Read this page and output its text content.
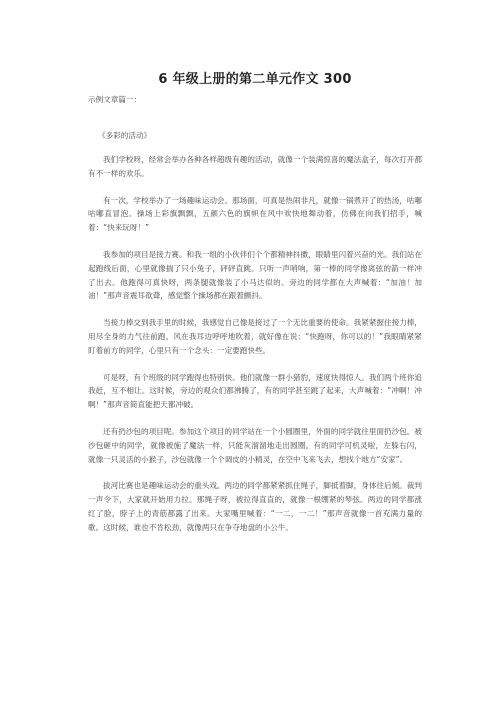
6 年级上册的第二单元作文 300
示例文章篇一：
《多彩的活动》

我们学校呀，经常会举办各种各样超级有趣的活动，就像一个装满惊喜的魔法盒子，每次打开都有不一样的欢乐。

有一次，学校举办了一场趣味运动会。那场面，可真是热闹非凡，就像一锅煮开了的热汤，咕嘟咕嘟直冒泡。操场上彩旗飘飘，五颜六色的旗帜在风中欢快地舞动着，仿佛在向我们招手，喊着：“快来玩呀！”

我参加的项目是接力赛。和我一组的小伙伴们个个都精神抖擞，眼睛里闪着兴奋的光。我们站在起跑线后面，心里就像揣了只小兔子，砰砰直跳。只听一声哨响，第一棒的同学像离弦的箭一样冲了出去。他跑得可真快呀，两条腿就像装了小马达似的。旁边的同学都在大声喊着：“加油！加油！”那声音震耳欲聋，感觉整个操场都在跟着颤抖。

当接力棒交到我手里的时候，我感觉自己像是接过了一个无比重要的使命。我紧紧握住接力棒，用尽全身的力气往前跑。风在我耳边呼呼地吹着，就好像在说：“快跑呀，你可以的！”我眼睛紧紧盯着前方的同学，心里只有一个念头：一定要跑快些。

可是呀，有个班级的同学跑得也特别快。他们就像一群小猎豹，速度快得惊人。我们两个班你追我赶，互不相让。这时候，旁边的观众们都沸腾了，有的同学甚至跳了起来，大声喊着：“冲啊！冲啊！”那声音简直能把天都冲破。

还有扔沙包的项目呢。参加这个项目的同学站在一个小圆圈里，外面的同学就往里面扔沙包。被沙包砸中的同学，就像被施了魔法一样，只能灰溜溜地走出圆圈。有的同学可机灵啦，左躲右闪，就像一只灵活的小猴子，沙包就像一个个调皮的小精灵，在空中飞来飞去，想找个地方“安家”。

拔河比赛也是趣味运动会的重头戏。两边的同学都紧紧抓住绳子，脚抵着脚，身体往后倾。裁判一声令下，大家就开始用力拉。那绳子呀，被拉得直直的，就像一根绷紧的琴弦。两边的同学都涨红了脸，脖子上的青筋都露了出来。大家嘴里喊着：“一二，一二！”那声音就像一首充满力量的歌。这时候，谁也不肯松劲，就像两只在争夺地盘的小公牛。
